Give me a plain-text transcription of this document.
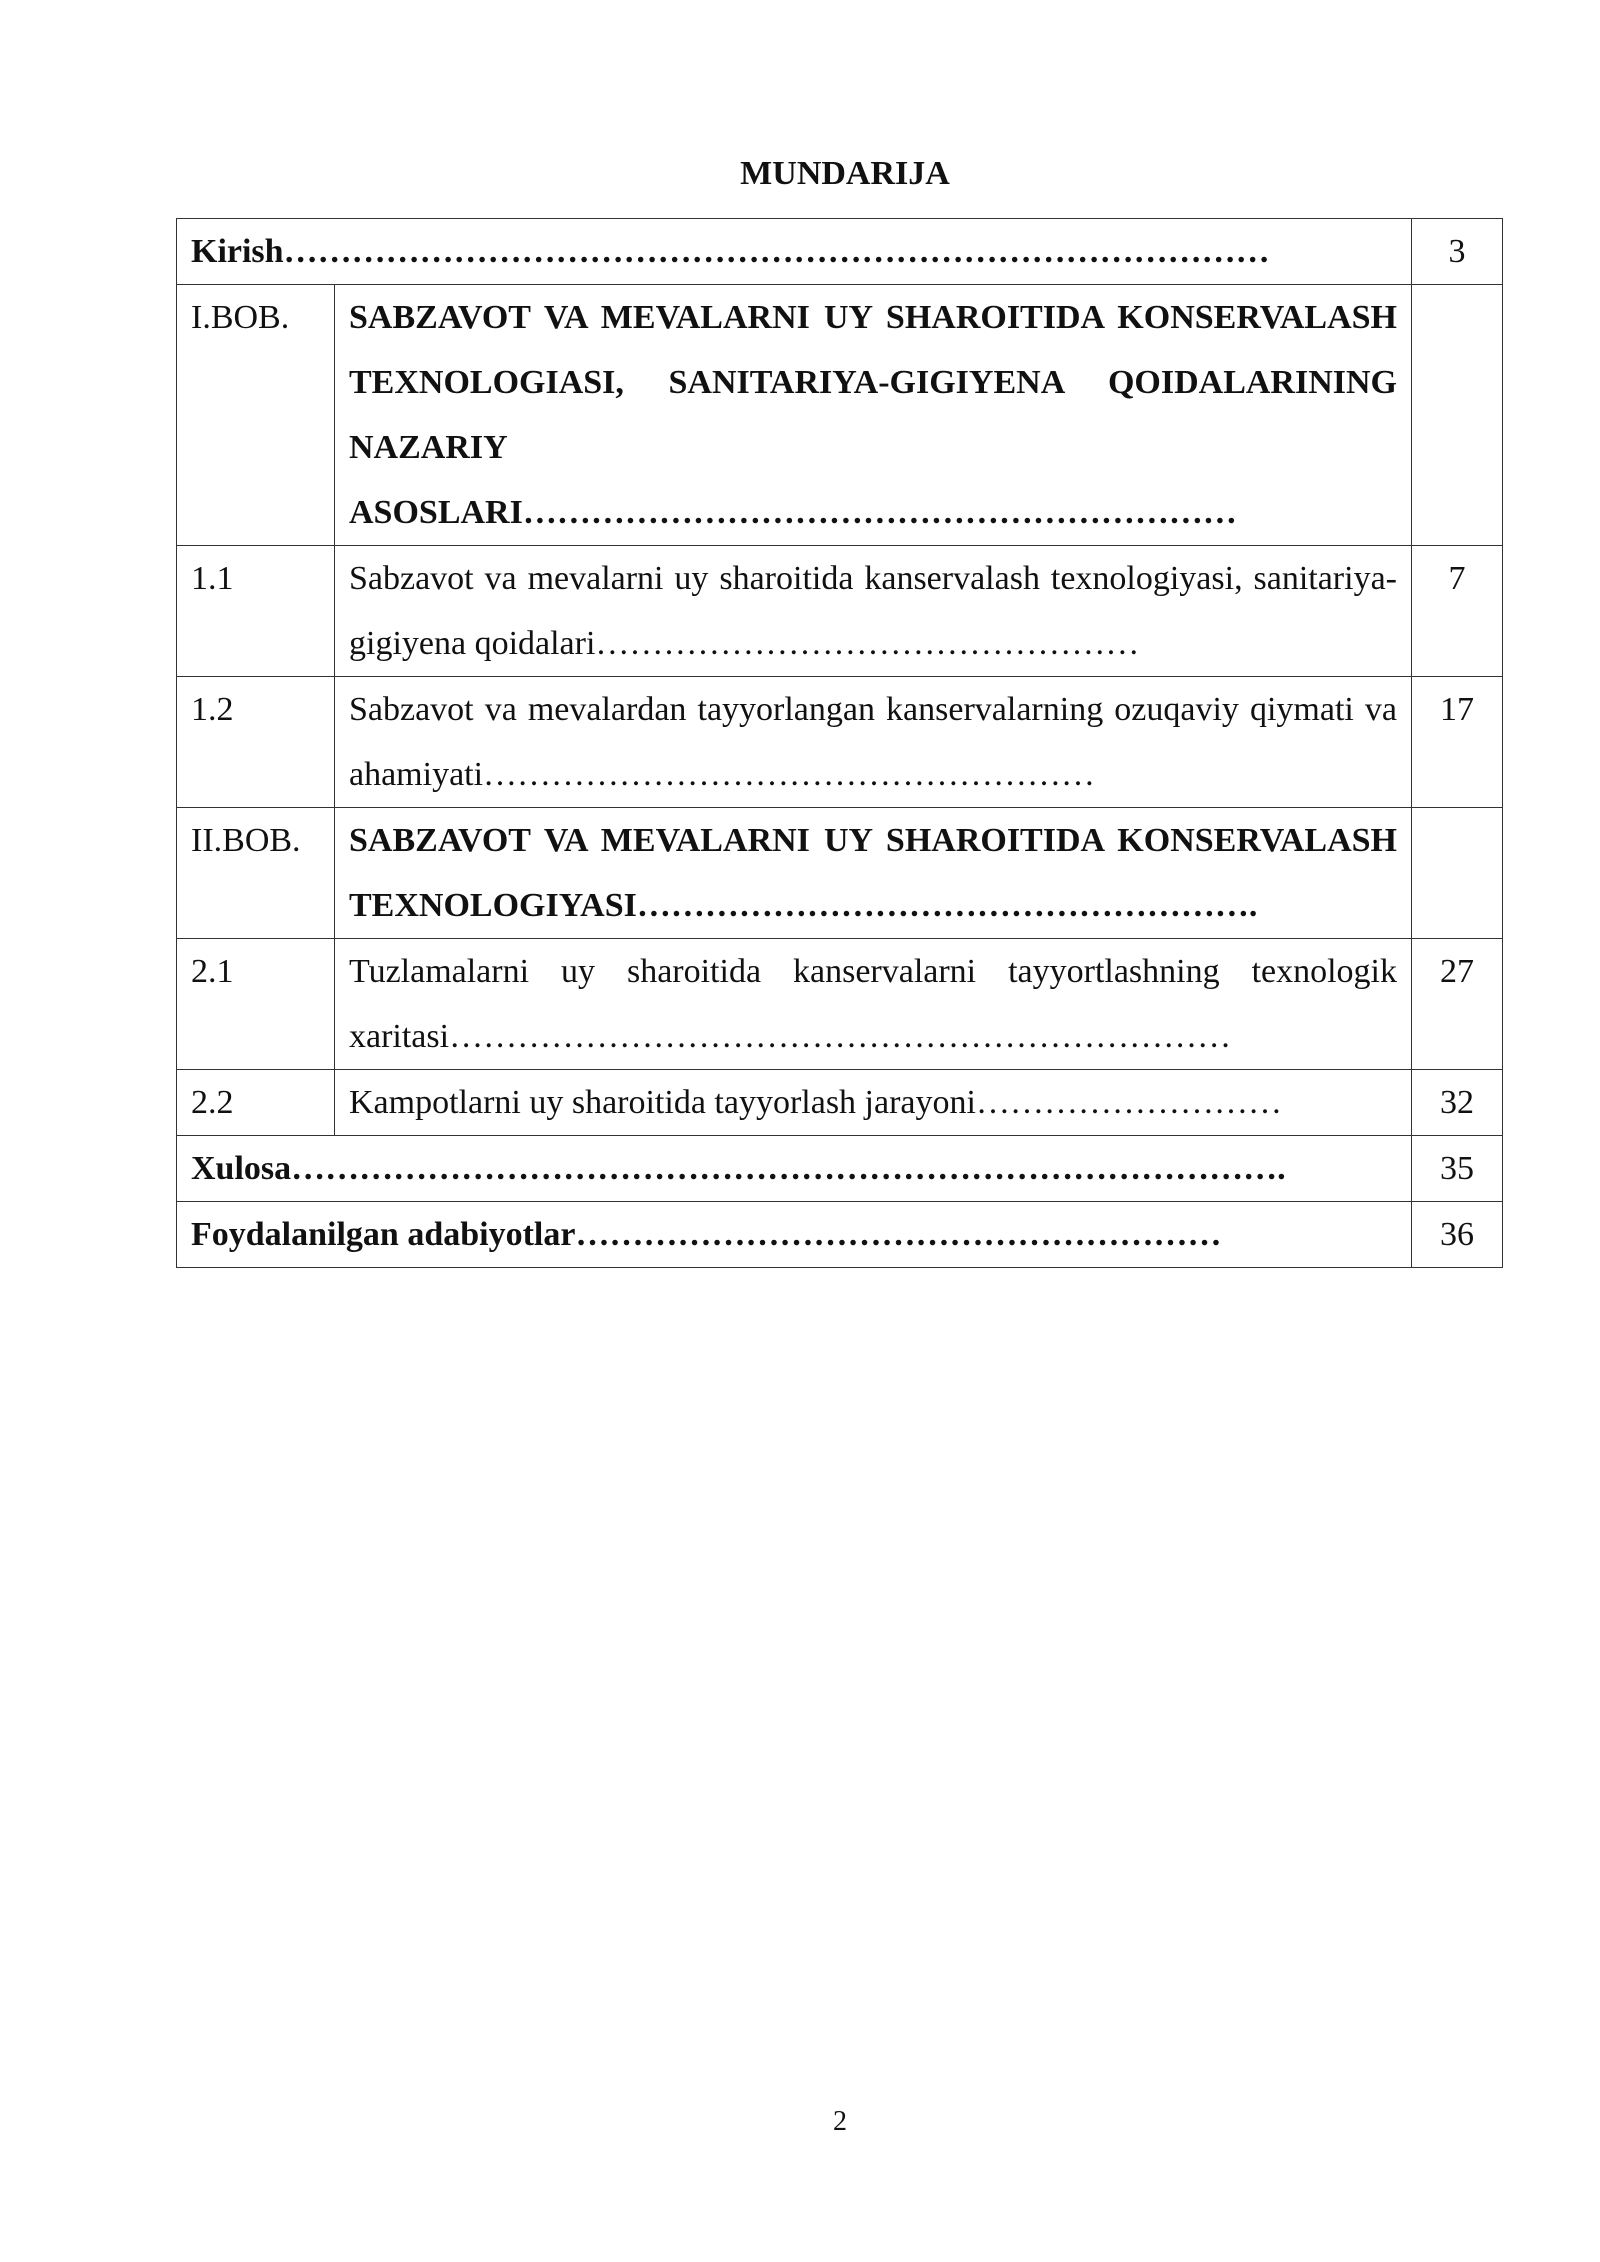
MUNDARIJA
Kirish……………………………………………………………………………		3
I.BOB.	SABZAVOT VA MEVALARNI UY SHAROITIDA KONSERVALASH TEXNOLOGIASI, SANITARIYA-GIGIYENA QOIDALARINING NAZARIY ASOSLARI………………………………………………………	
1.1	Sabzavot va mevalarni uy sharoitida kanservalash texnologiyasi, sanitariya-gigiyena qoidalari…………………………………………	7
1.2	Sabzavot va mevalardan tayyorlangan kanservalarning ozuqaviy qiymati va ahamiyati………………………………………………	17
II.BOB.	SABZAVOT VA MEVALARNI UY SHAROITIDA KONSERVALASH TEXNOLOGIYASI……………………………………………….	
2.1	Tuzlamalarni uy sharoitida kanservalarni tayyortlashning texnologik xaritasi……………………………………………………………	27
2.2	Kampotlarni uy sharoitida tayyorlash jarayoni………………………	32
Xulosa…………………………………………………………………………….		35
Foydalanilgan adabiyotlar…………………………………………………		36
2
